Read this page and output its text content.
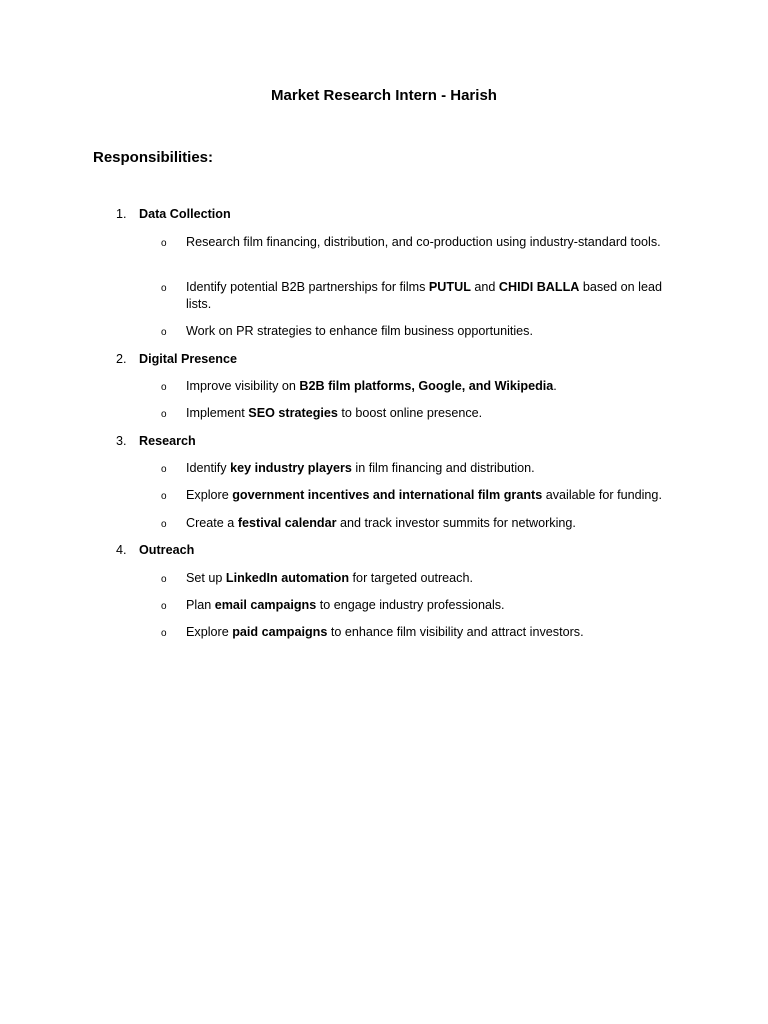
Market Research Intern - Harish
Responsibilities:
1. Data Collection
o Research film financing, distribution, and co-production using industry-standard tools.
o Identify potential B2B partnerships for films PUTUL and CHIDI BALLA based on lead lists.
o Work on PR strategies to enhance film business opportunities.
2. Digital Presence
o Improve visibility on B2B film platforms, Google, and Wikipedia.
o Implement SEO strategies to boost online presence.
3. Research
o Identify key industry players in film financing and distribution.
o Explore government incentives and international film grants available for funding.
o Create a festival calendar and track investor summits for networking.
4. Outreach
o Set up LinkedIn automation for targeted outreach.
o Plan email campaigns to engage industry professionals.
o Explore paid campaigns to enhance film visibility and attract investors.
